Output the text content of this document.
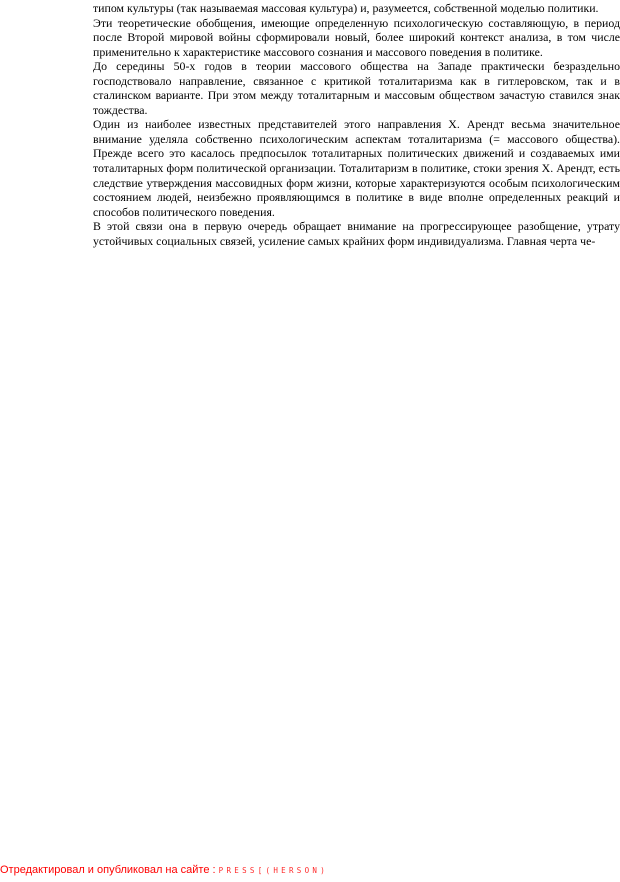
типом культуры (так называемая массовая культура) и, разумеется, собственной моделью политики.

Эти теоретические обобщения, имеющие определенную психологическую составляющую, в период после Второй мировой войны сформировали новый, более широкий контекст анализа, в том числе применительно к характеристике массового сознания и массового поведения в политике.

До середины 50-х годов в теории массового общества на Западе практически безраздельно господствовало направление, связанное с критикой тоталитаризма как в гитлеровском, так и в сталинском варианте. При этом между тоталитарным и массовым обществом зачастую ставился знак тождества.

Один из наиболее известных представителей этого направления X. Арендт весьма значительное внимание уделяла собственно психологическим аспектам тоталитаризма (= массового общества). Прежде всего это касалось предпосылок тоталитарных политических движений и создаваемых ими тоталитарных форм политической организации. Тоталитаризм в политике, стоки зрения X. Арендт, есть следствие утверждения массовидных форм жизни, которые характеризуются особым психологическим состоянием людей, неизбежно проявляющимся в политике в виде вполне определенных реакций и способов политического поведения.

В этой связи она в первую очередь обращает внимание на прогрессирующее разобщение, утрату устойчивых социальных связей, усиление самых крайних форм индивидуализма. Главная черта че-

Отредактировал и опубликовал на сайте : PRESS[(HERSON)
